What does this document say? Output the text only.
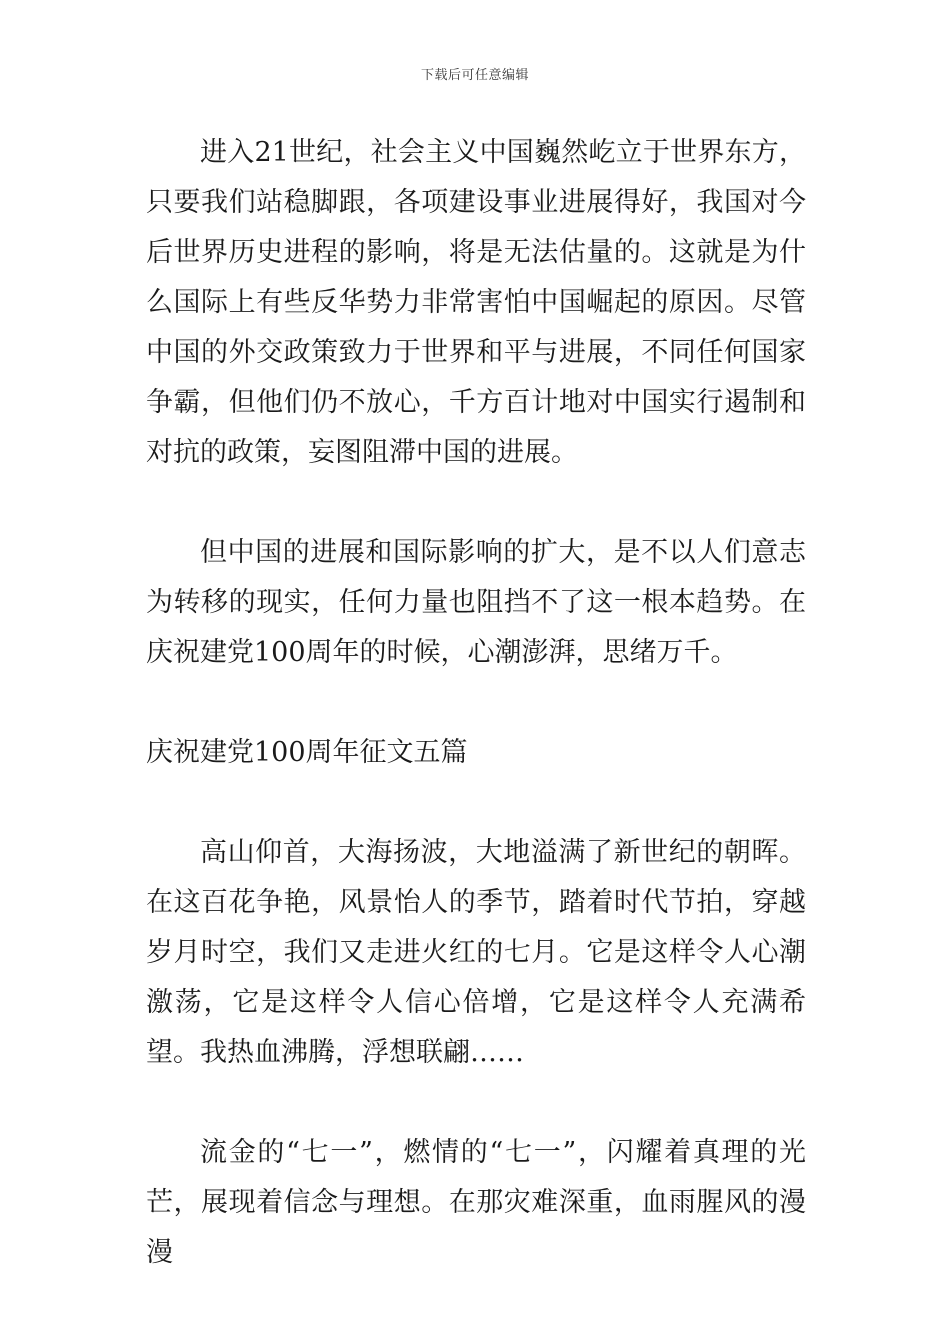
下载后可任意编辑

进入21世纪，社会主义中国巍然屹立于世界东方，只要我们站稳脚跟，各项建设事业进展得好，我国对今后世界历史进程的影响，将是无法估量的。这就是为什么国际上有些反华势力非常害怕中国崛起的原因。尽管中国的外交政策致力于世界和平与进展，不同任何国家争霸，但他们仍不放心，千方百计地对中国实行遏制和对抗的政策，妄图阻滞中国的进展。

但中国的进展和国际影响的扩大，是不以人们意志为转移的现实，任何力量也阻挡不了这一根本趋势。在庆祝建党100周年的时候，心潮澎湃，思绪万千。

庆祝建党100周年征文五篇

高山仰首，大海扬波，大地溢满了新世纪的朝晖。在这百花争艳，风景怡人的季节，踏着时代节拍，穿越岁月时空，我们又走进火红的七月。它是这样令人心潮激荡，它是这样令人信心倍增，它是这样令人充满希望。我热血沸腾，浮想联翩……

流金的“七一”，燃情的“七一”，闪耀着真理的光芒，展现着信念与理想。在那灾难深重，血雨腥风的漫漫
